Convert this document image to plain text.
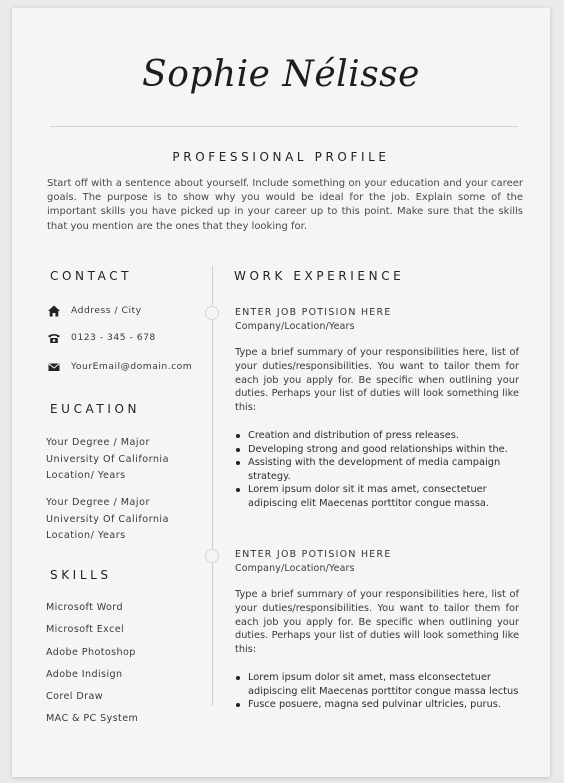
Sophie Nélisse
PROFESSIONAL PROFILE
Start off with a sentence about yourself. Include something on your education and your career goals. The purpose is to show why you would be ideal for the job. Explain some of the important skills you have picked up in your career up to this point. Make sure that the skills that you mention are the ones that they looking for.
CONTACT
Address / City
0123 - 345 - 678
YourEmail@domain.com
EUCATION
Your Degree / Major
University Of California
Location/ Years
Your Degree / Major
University Of California
Location/ Years
SKILLS
Microsoft Word
Microsoft Excel
Adobe Photoshop
Adobe Indisign
Corel Draw
MAC & PC System
WORK EXPERIENCE
ENTER JOB POTISION HERE
Company/Location/Years
Type a brief summary of your responsibilities here, list of your duties/responsibilities. You want to tailor them for each job you apply for. Be specific when outlining your duties. Perhaps your list of duties will look something like this:
Creation and distribution of press releases.
Developing strong and good relationships within the.
Assisting with the development of media campaign strategy.
Lorem ipsum dolor sit it mas amet, consectetuer adipiscing elit Maecenas porttitor congue massa.
ENTER JOB POTISION HERE
Company/Location/Years
Type a brief summary of your responsibilities here, list of your duties/responsibilities. You want to tailor them for each job you apply for. Be specific when outlining your duties. Perhaps your list of duties will look something like this:
Lorem ipsum dolor sit amet, mass elconsectetuer adipiscing elit Maecenas porttitor congue massa lectus
Fusce posuere, magna sed pulvinar ultricies, purus.
